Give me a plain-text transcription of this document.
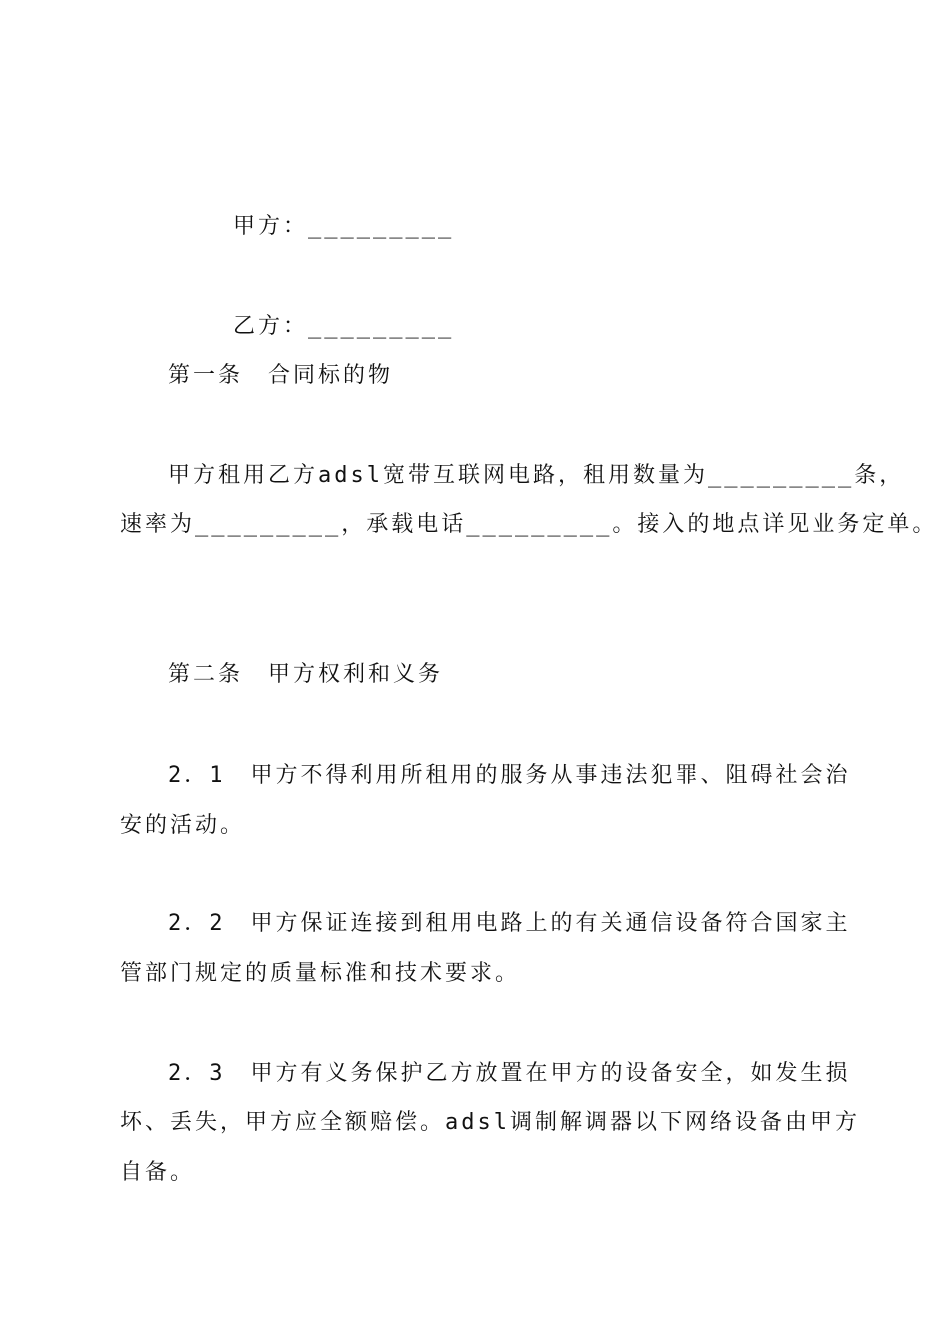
甲方：_________

乙方：_________

第一条　合同标的物
甲方租用乙方adsl宽带互联网电路，租用数量为_________条，
速率为_________，承载电话_________。接入的地点详见业务定单。
第二条　甲方权利和义务
2．1　甲方不得利用所租用的服务从事违法犯罪、阻碍社会治
安的活动。
2．2　甲方保证连接到租用电路上的有关通信设备符合国家主
管部门规定的质量标准和技术要求。
2．3　甲方有义务保护乙方放置在甲方的设备安全，如发生损
坏、丢失，甲方应全额赔偿。adsl调制解调器以下网络设备由甲方
自备。
